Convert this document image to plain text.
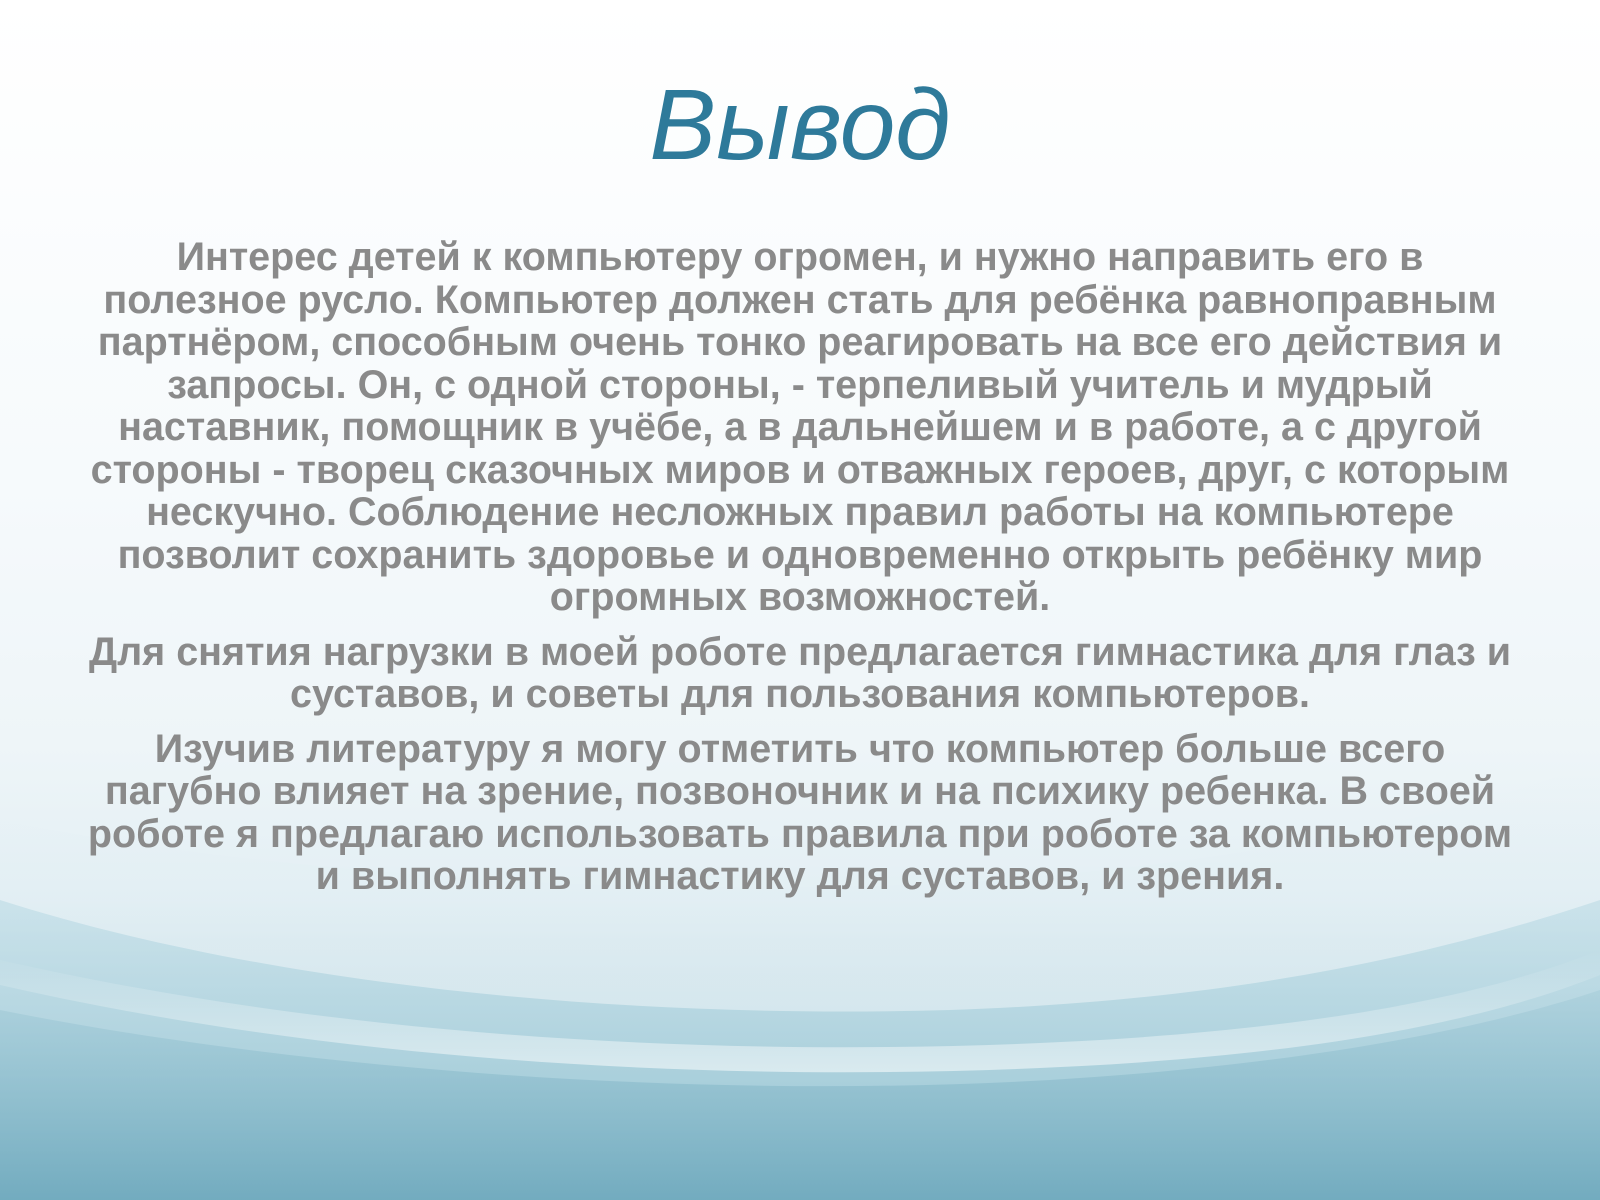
Вывод

Интерес детей к компьютеру огромен, и нужно направить его в полезное русло. Компьютер должен стать для ребёнка равноправным партнёром, способным очень тонко реагировать на все его действия и запросы. Он, с одной стороны, - терпеливый учитель и мудрый наставник, помощник в учёбе, а в дальнейшем и в работе, а с другой стороны - творец сказочных миров и отважных героев, друг, с которым нескучно. Соблюдение несложных правил работы на компьютере позволит сохранить здоровье и одновременно открыть ребёнку мир огромных возможностей.

Для снятия нагрузки в моей роботе предлагается гимнастика для глаз и суставов, и советы для пользования компьютеров.

Изучив литературу я могу отметить что компьютер больше всего пагубно влияет на зрение, позвоночник и на психику ребенка. В своей роботе я предлагаю использовать правила при роботе за компьютером и выполнять гимнастику для суставов, и зрения.
